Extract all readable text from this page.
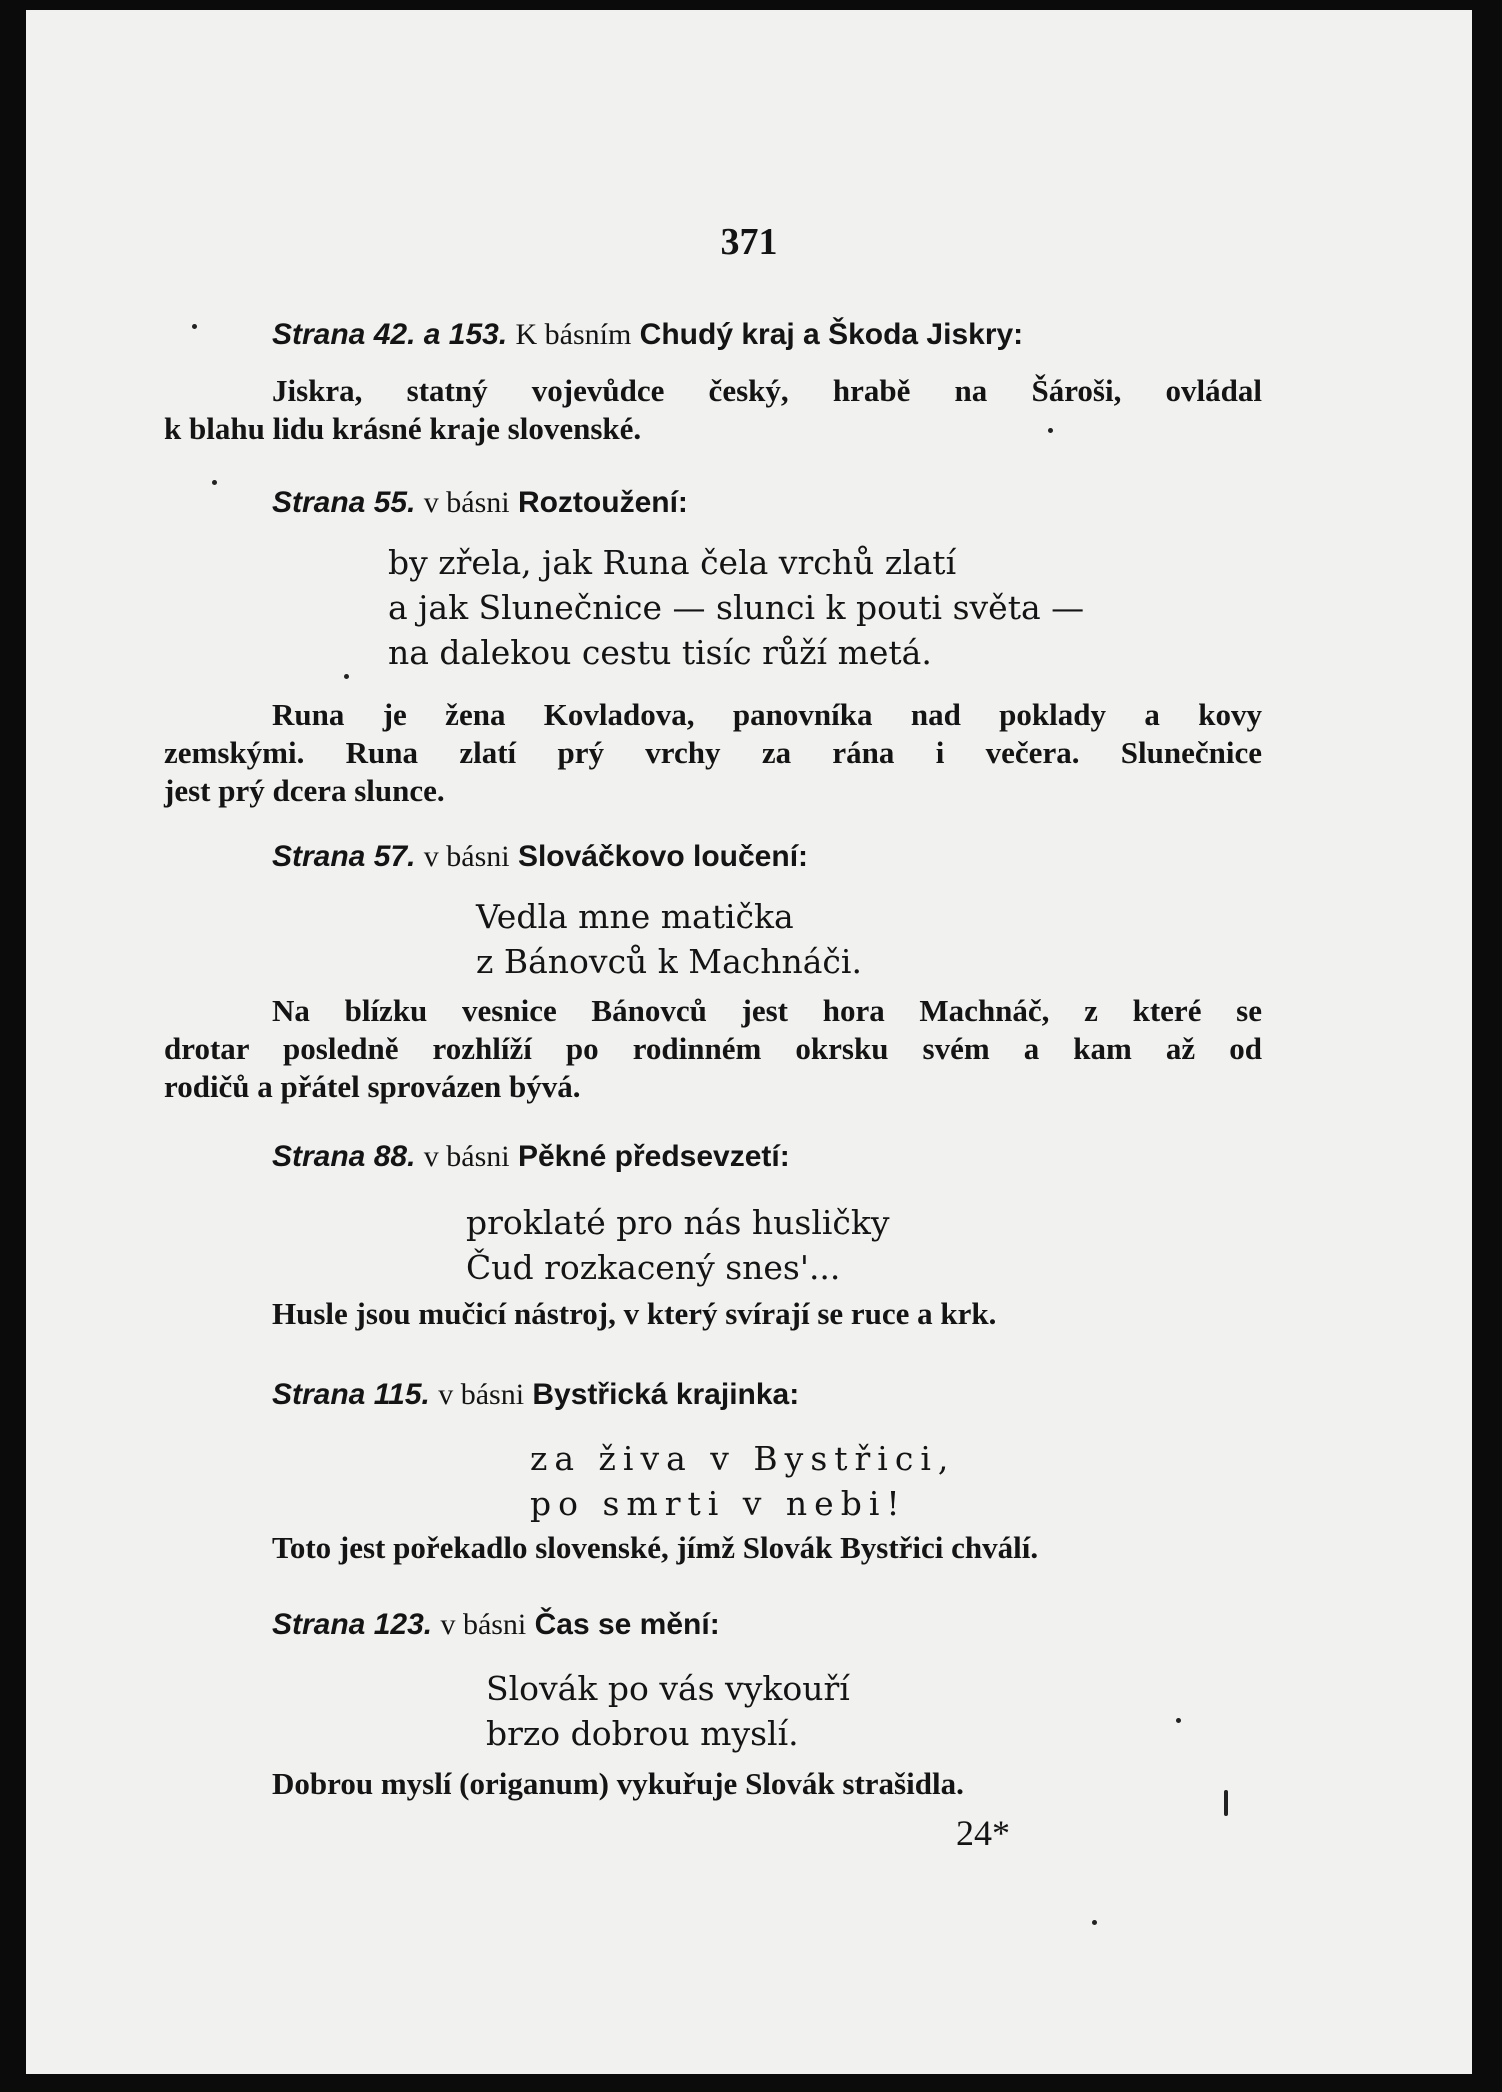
371
Strana 42. a 153. K básním Chudý kraj a Škoda Jiskry:
Jiskra, statný vojevůdce český, hrabě na Šároši, ovládal
k blahu lidu krásné kraje slovenské.
Strana 55. v básni Roztoužení:
by zřela, jak Runa čela vrchů zlatí
a jak Slunečnice — slunci k pouti světa —
na dalekou cestu tisíc růží metá.
Runa je žena Kovladova, panovníka nad poklady a kovy
zemskými. Runa zlatí prý vrchy za rána i večera. Slunečnice
jest prý dcera slunce.
Strana 57. v básni Slováčkovo loučení:
Vedla mne matička
z Bánovců k Machnáči.
Na blízku vesnice Bánovců jest hora Machnáč, z které se
drotar posledně rozhlíží po rodinném okrsku svém a kam až od
rodičů a přátel sprovázen bývá.
Strana 88. v básni Pěkné předsevzetí:
proklaté pro nás husličky
Čud rozkacený snes'...
Husle jsou mučicí nástroj, v který svírají se ruce a krk.
Strana 115. v básni Bystřická krajinka:
za živa v Bystřici,
po smrti v nebi!
Toto jest pořekadlo slovenské, jímž Slovák Bystřici chválí.
Strana 123. v básni Čas se mění:
Slovák po vás vykouří
brzo dobrou myslí.
Dobrou myslí (origanum) vykuřuje Slovák strašidla.
24*
